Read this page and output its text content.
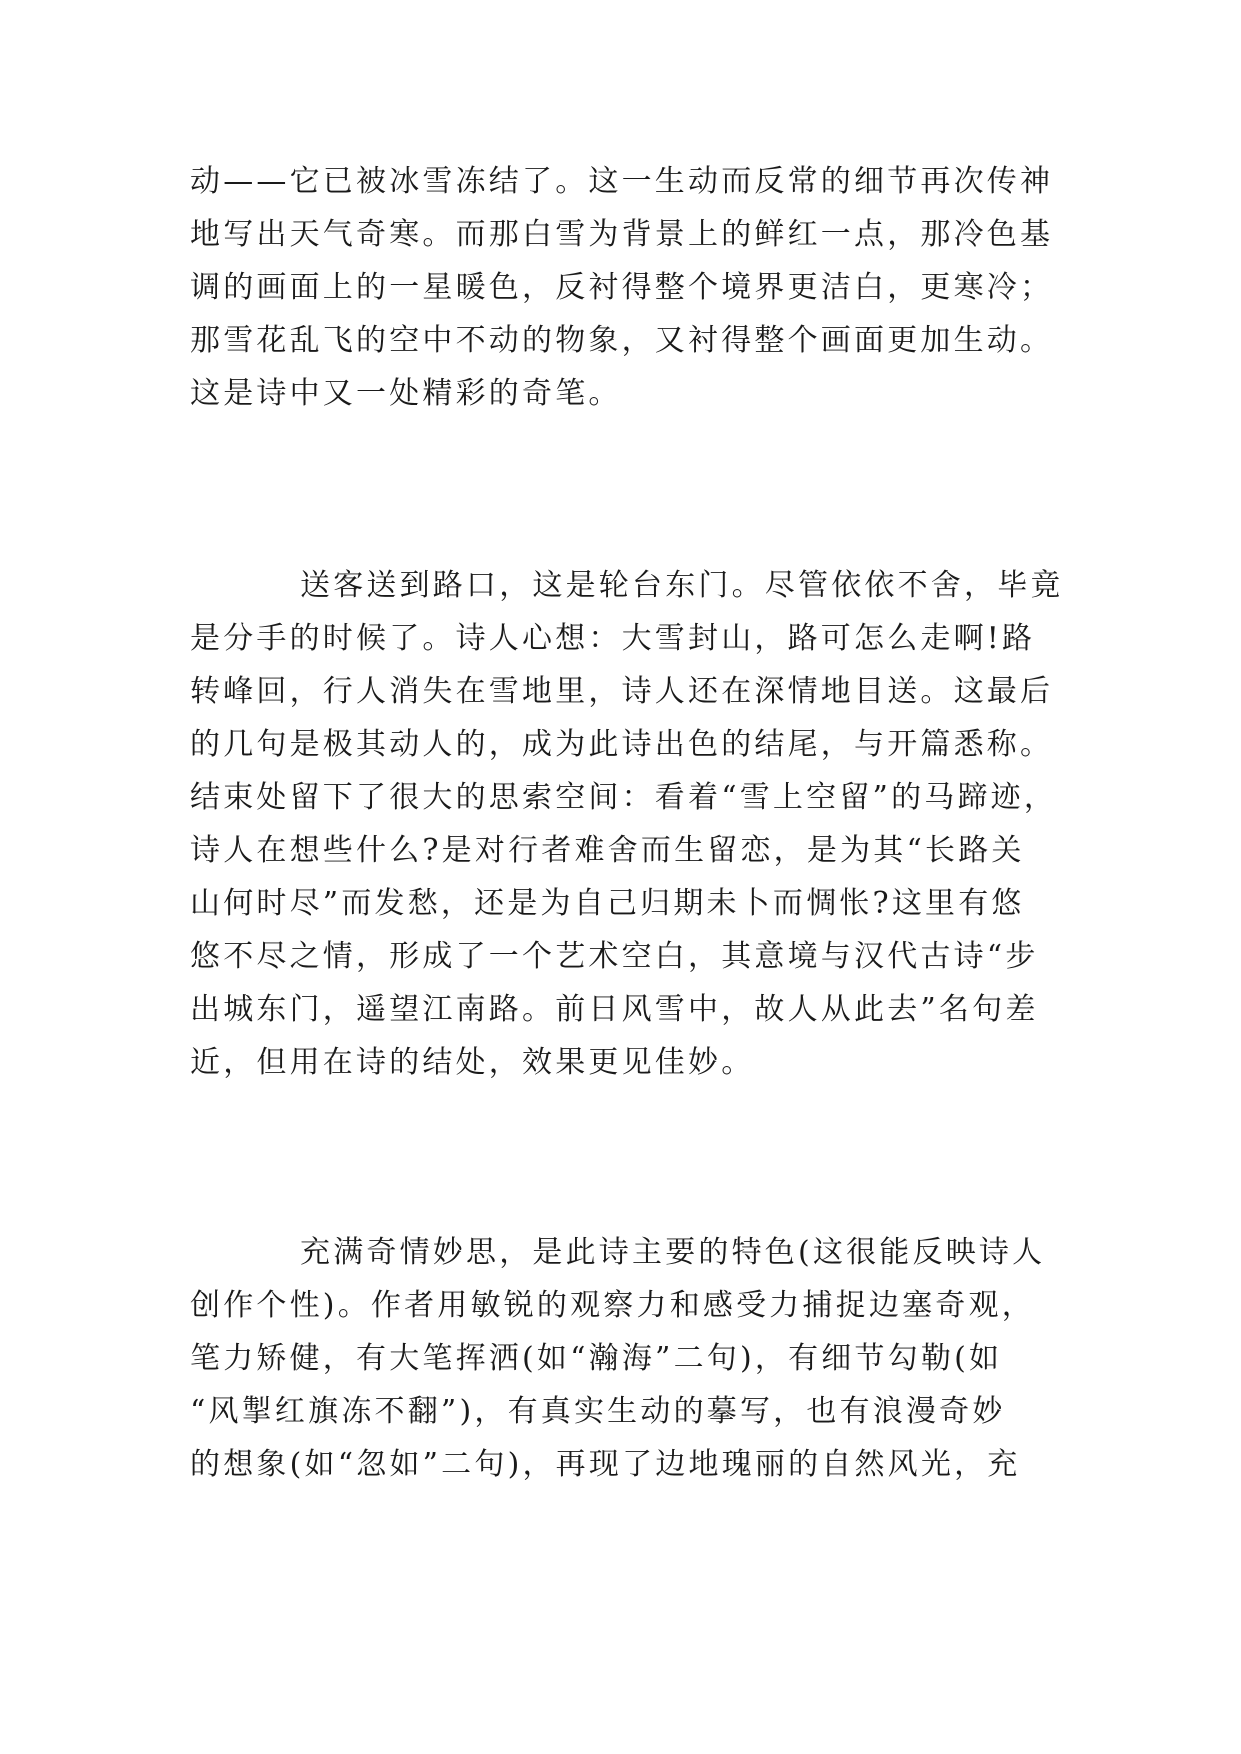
动——它已被冰雪冻结了。这一生动而反常的细节再次传神
地写出天气奇寒。而那白雪为背景上的鲜红一点，那冷色基
调的画面上的一星暖色，反衬得整个境界更洁白，更寒冷；
那雪花乱飞的空中不动的物象，又衬得整个画面更加生动。
这是诗中又一处精彩的奇笔。
送客送到路口，这是轮台东门。尽管依依不舍，毕竟
是分手的时候了。诗人心想：大雪封山，路可怎么走啊!路
转峰回，行人消失在雪地里，诗人还在深情地目送。这最后
的几句是极其动人的，成为此诗出色的结尾，与开篇悉称。
结束处留下了很大的思索空间：看着“雪上空留”的马蹄迹，
诗人在想些什么?是对行者难舍而生留恋，是为其“长路关
山何时尽”而发愁，还是为自己归期未卜而惆怅?这里有悠
悠不尽之情，形成了一个艺术空白，其意境与汉代古诗“步
出城东门，遥望江南路。前日风雪中，故人从此去”名句差
近，但用在诗的结处，效果更见佳妙。
充满奇情妙思，是此诗主要的特色(这很能反映诗人
创作个性)。作者用敏锐的观察力和感受力捕捉边塞奇观，
笔力矫健，有大笔挥洒(如“瀚海”二句)，有细节勾勒(如
“风掣红旗冻不翻”)，有真实生动的摹写，也有浪漫奇妙
的想象(如“忽如”二句)，再现了边地瑰丽的自然风光，充
